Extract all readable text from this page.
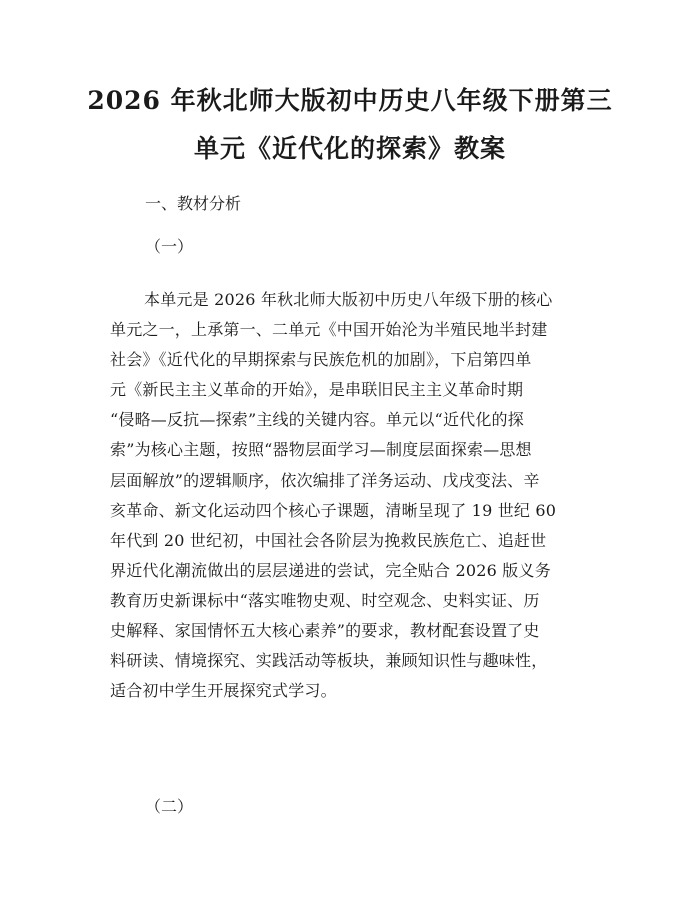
2026 年秋北师大版初中历史八年级下册第三
单元《近代化的探索》教案
一、教材分析
（一）
本单元是 2026 年秋北师大版初中历史八年级下册的核心
单元之一，上承第一、二单元《中国开始沦为半殖民地半封建
社会》《近代化的早期探索与民族危机的加剧》，下启第四单
元《新民主主义革命的开始》，是串联旧民主主义革命时期
“侵略—反抗—探索”主线的关键内容。单元以“近代化的探
索”为核心主题，按照“器物层面学习—制度层面探索—思想
层面解放”的逻辑顺序，依次编排了洋务运动、戊戌变法、辛
亥革命、新文化运动四个核心子课题，清晰呈现了 19 世纪 60
年代到 20 世纪初，中国社会各阶层为挽救民族危亡、追赶世
界近代化潮流做出的层层递进的尝试，完全贴合 2026 版义务
教育历史新课标中“落实唯物史观、时空观念、史料实证、历
史解释、家国情怀五大核心素养”的要求，教材配套设置了史
料研读、情境探究、实践活动等板块，兼顾知识性与趣味性，
适合初中学生开展探究式学习。
（二）
